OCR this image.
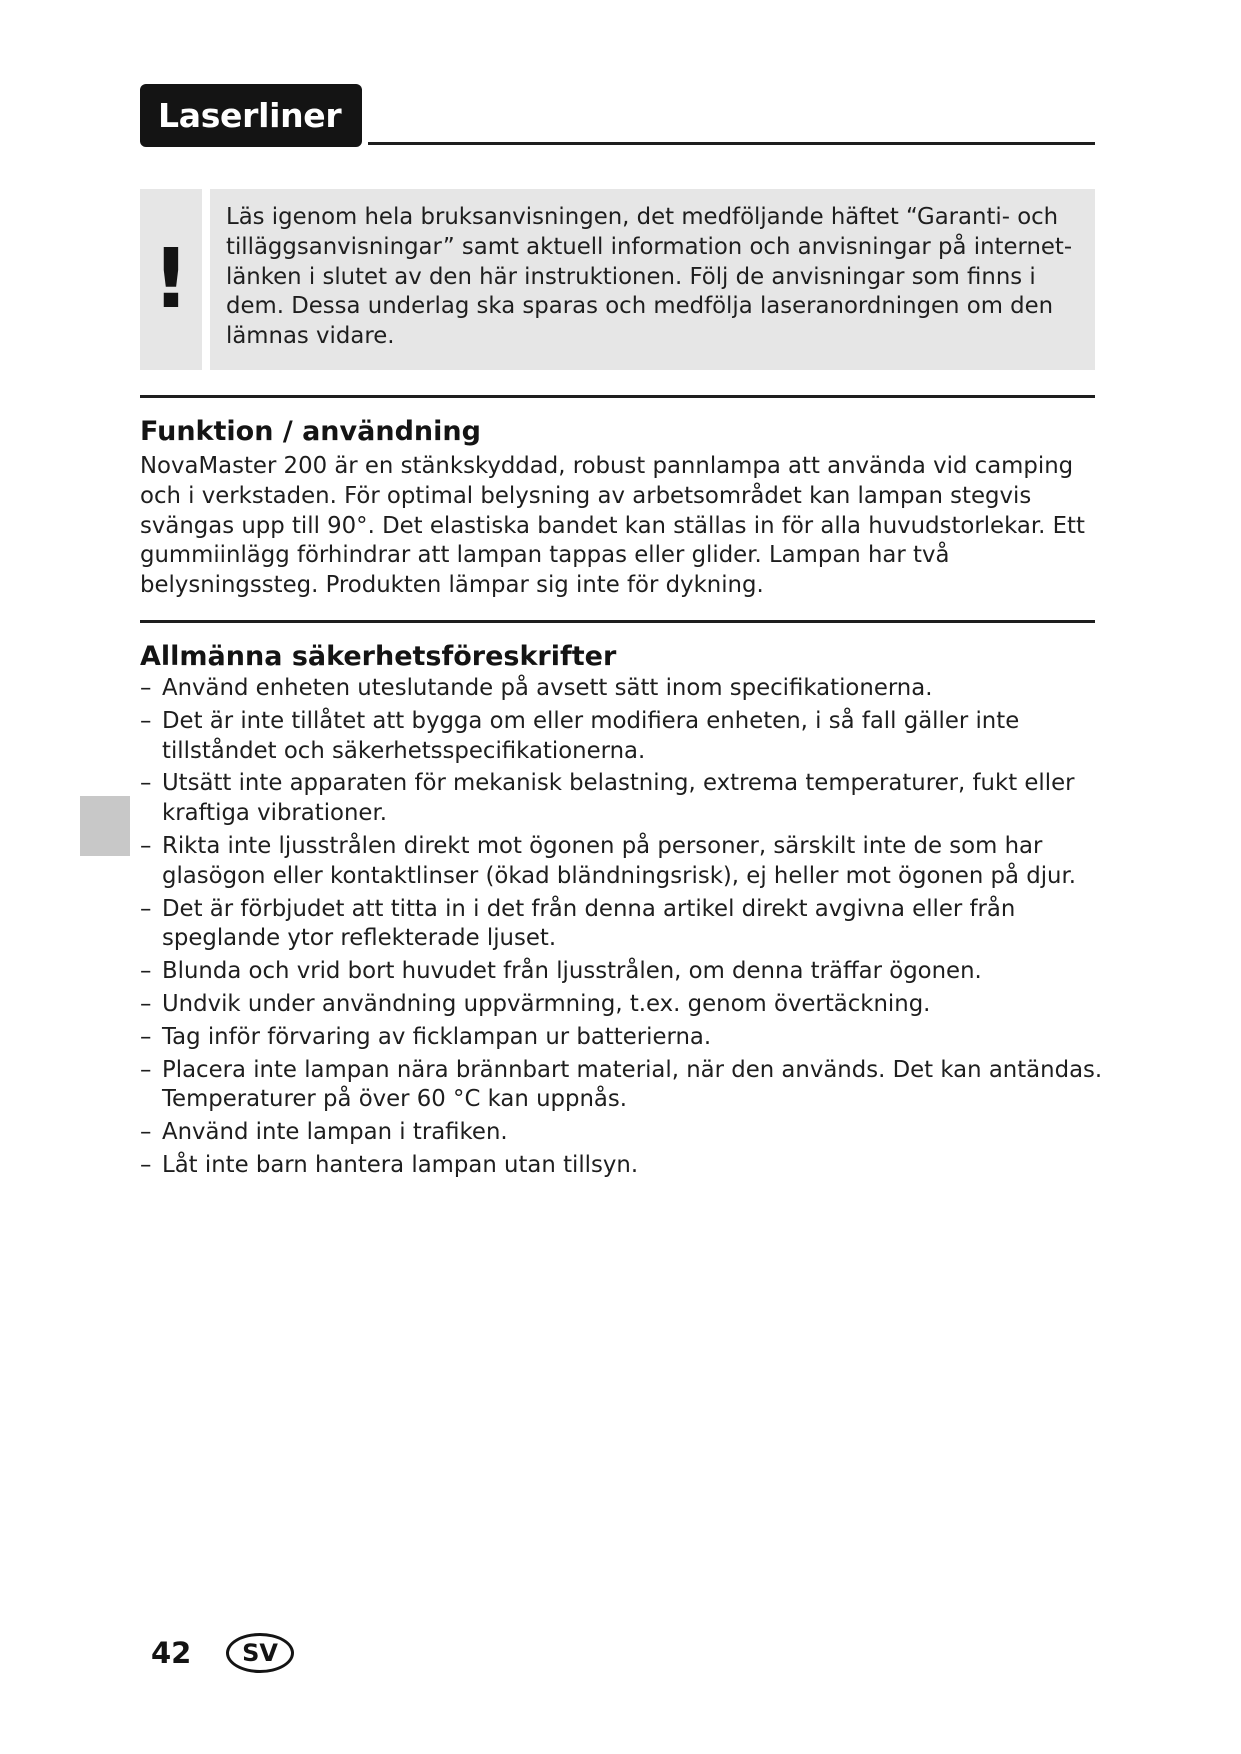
Laserliner
!

Läs igenom hela bruksanvisningen, det medföljande häftet “Garanti- och tilläggsanvisningar” samt aktuell information och anvisningar på internet-länken i slutet av den här instruktionen. Följ de anvisningar som finns i dem. Dessa underlag ska sparas och medfölja laseranordningen om den lämnas vidare.

Funktion / användning

NovaMaster 200 är en stänkskyddad, robust pannlampa att använda vid camping och i verkstaden. För optimal belysning av arbetsområdet kan lampan stegvis svängas upp till 90°. Det elastiska bandet kan ställas in för alla huvudstorlekar. Ett gummiinlägg förhindrar att lampan tappas eller glider. Lampan har två belysningssteg. Produkten lämpar sig inte för dykning.

Allmänna säkerhetsföreskrifter
– Använd enheten uteslutande på avsett sätt inom specifikationerna.
– Det är inte tillåtet att bygga om eller modifiera enheten, i så fall gäller inte tillståndet och säkerhetsspecifikationerna.
– Utsätt inte apparaten för mekanisk belastning, extrema temperaturer, fukt eller kraftiga vibrationer.
– Rikta inte ljusstrålen direkt mot ögonen på personer, särskilt inte de som har glasögon eller kontaktlinser (ökad bländningsrisk), ej heller mot ögonen på djur.
– Det är förbjudet att titta in i det från denna artikel direkt avgivna eller från speglande ytor reflekterade ljuset.
– Blunda och vrid bort huvudet från ljusstrålen, om denna träffar ögonen.
– Undvik under användning uppvärmning, t.ex. genom övertäckning.
– Tag inför förvaring av ficklampan ur batterierna.
– Placera inte lampan nära brännbart material, när den används. Det kan antändas. Temperaturer på över 60 °C kan uppnås.
– Använd inte lampan i trafiken.
– Låt inte barn hantera lampan utan tillsyn.
42	SV
